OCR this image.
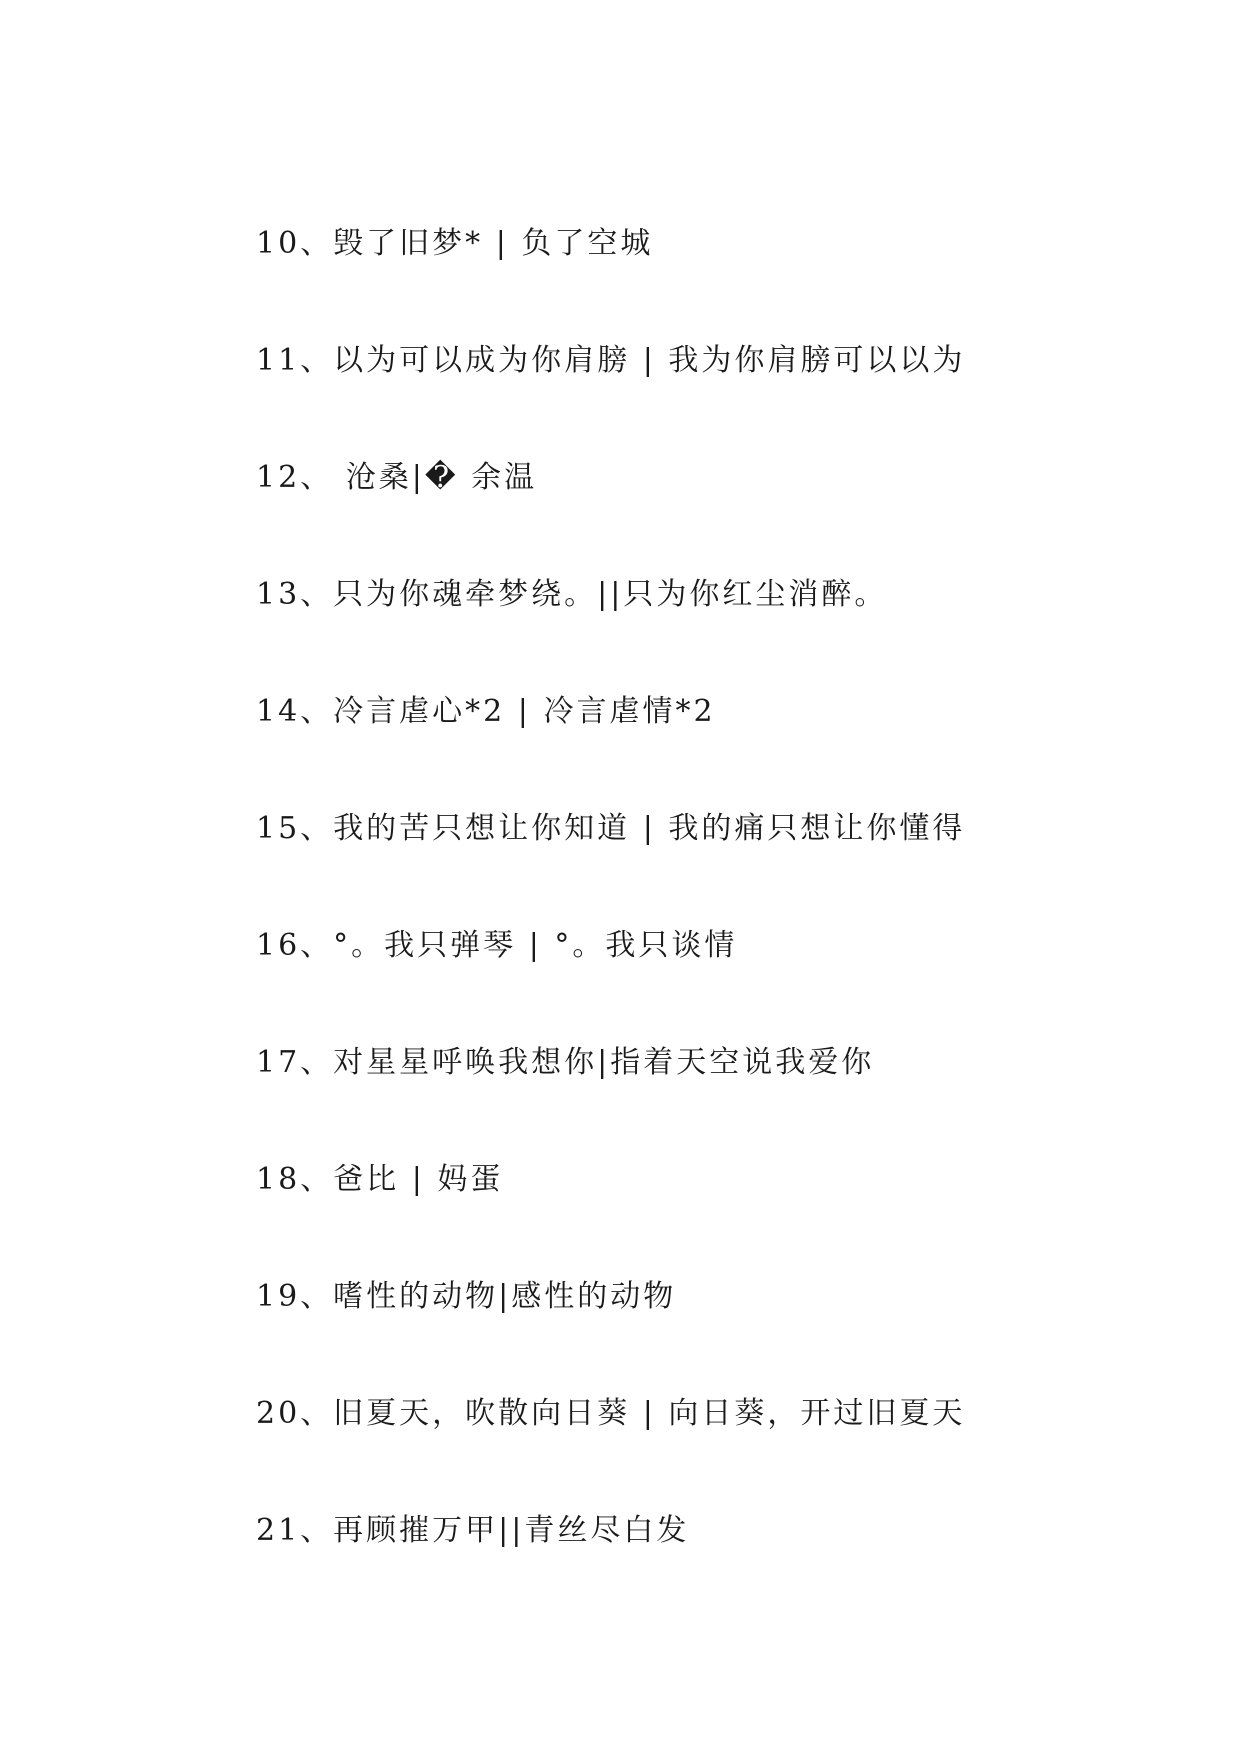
10、毁了旧梦* | 负了空城
11、以为可以成为你肩膀 | 我为你肩膀可以以为
12、 沧桑|� 余温
13、只为你魂牵梦绕。||只为你红尘消醉。
14、冷言虐心*2 | 冷言虐情*2
15、我的苦只想让你知道 | 我的痛只想让你懂得
16、°。我只弹琴 | °。我只谈情
17、对星星呼唤我想你|指着天空说我爱你
18、爸比 | 妈蛋
19、嗜性的动物|感性的动物
20、旧夏天，吹散向日葵 | 向日葵，开过旧夏天
21、再顾摧万甲||青丝尽白发
